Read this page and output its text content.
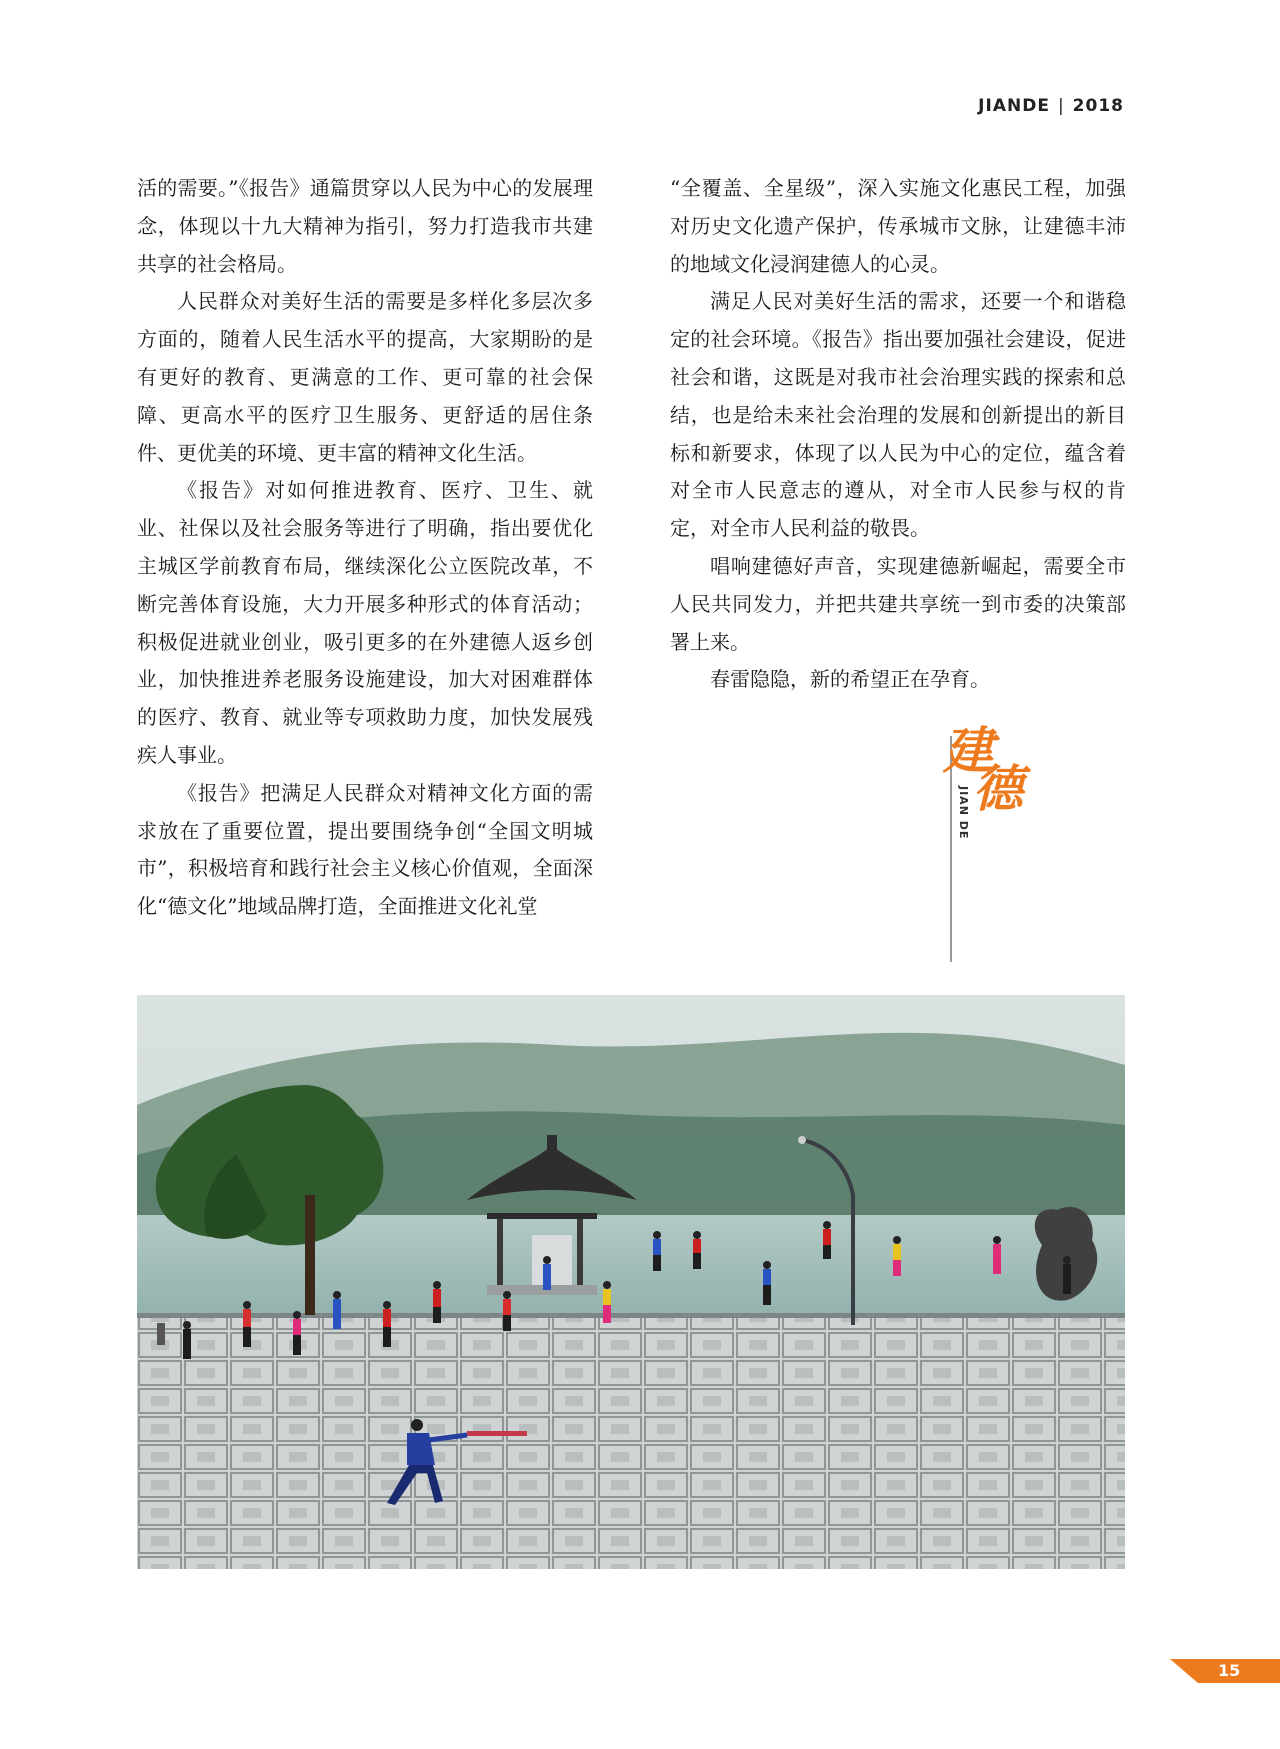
JIANDE | 2018

活的需要。”《报告》通篇贯穿以人民为中心的发展理念，体现以十九大精神为指引，努力打造我市共建共享的社会格局。

人民群众对美好生活的需要是多样化多层次多方面的，随着人民生活水平的提高，大家期盼的是有更好的教育、更满意的工作、更可靠的社会保障、更高水平的医疗卫生服务、更舒适的居住条件、更优美的环境、更丰富的精神文化生活。

《报告》对如何推进教育、医疗、卫生、就业、社保以及社会服务等进行了明确，指出要优化主城区学前教育布局，继续深化公立医院改革，不断完善体育设施，大力开展多种形式的体育活动；积极促进就业创业，吸引更多的在外建德人返乡创业，加快推进养老服务设施建设，加大对困难群体的医疗、教育、就业等专项救助力度，加快发展残疾人事业。

《报告》把满足人民群众对精神文化方面的需求放在了重要位置，提出要围绕争创“全国文明城市”，积极培育和践行社会主义核心价值观，全面深化“德文化”地域品牌打造，全面推进文化礼堂

“全覆盖、全星级”，深入实施文化惠民工程，加强对历史文化遗产保护，传承城市文脉，让建德丰沛的地域文化浸润建德人的心灵。

满足人民对美好生活的需求，还要一个和谐稳定的社会环境。《报告》指出要加强社会建设，促进社会和谐，这既是对我市社会治理实践的探索和总结，也是给未来社会治理的发展和创新提出的新目标和新要求，体现了以人民为中心的定位，蕴含着对全市人民意志的遵从，对全市人民参与权的肯定，对全市人民利益的敬畏。

唱响建德好声音，实现建德新崛起，需要全市人民共同发力，并把共建共享统一到市委的决策部署上来。

春雷隐隐，新的希望正在孕育。

建
德
JIAN DE
15
